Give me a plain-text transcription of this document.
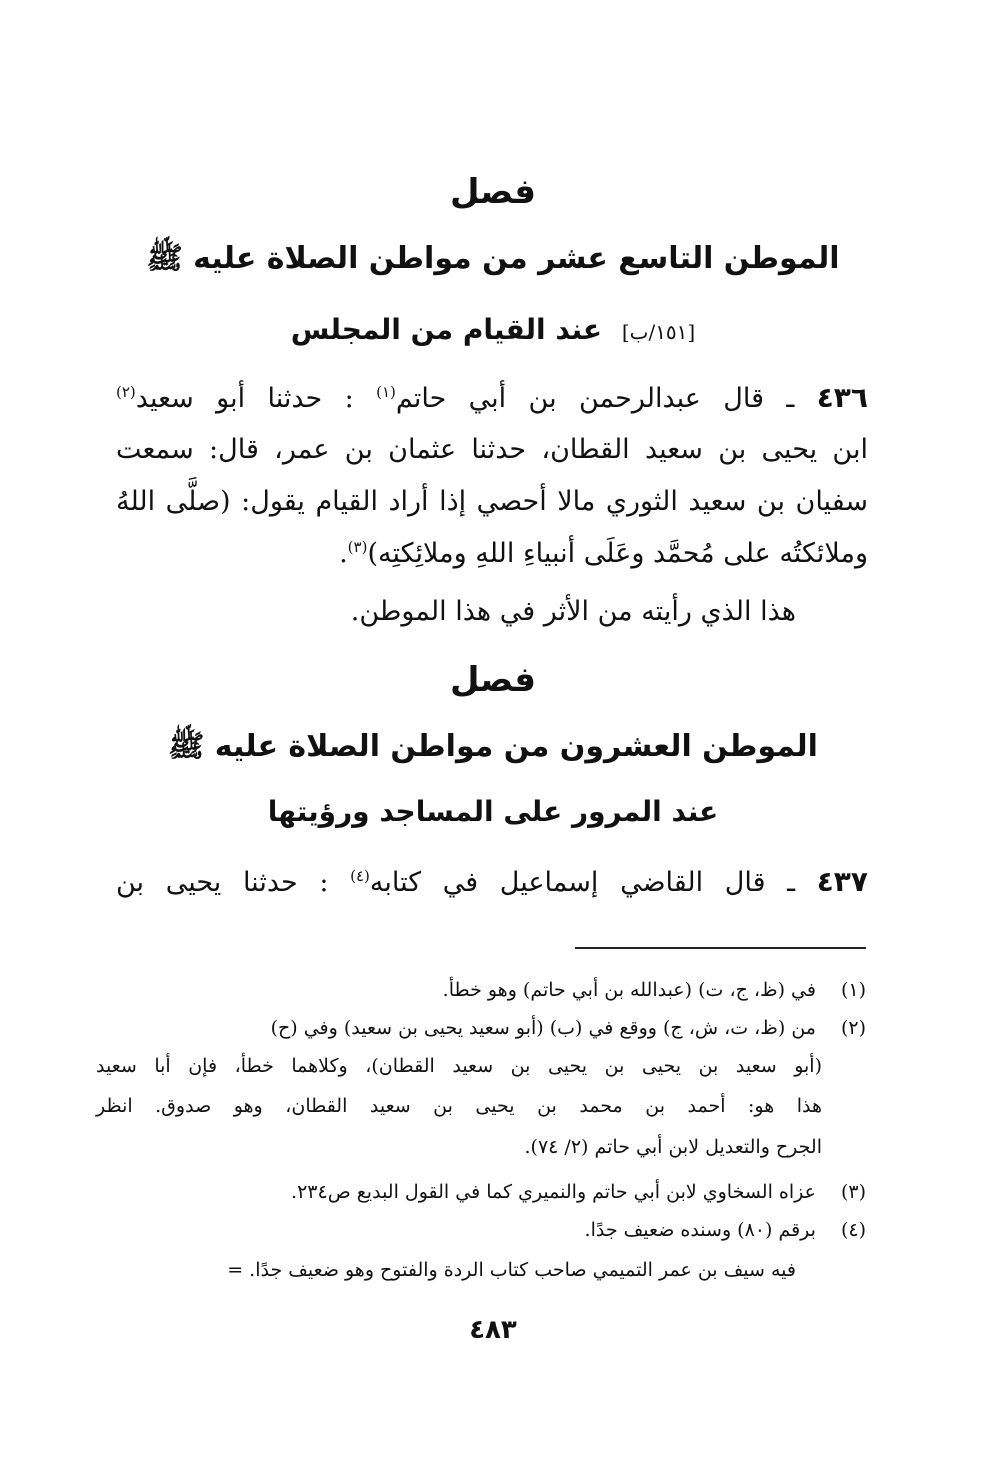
فصل
الموطن التاسع عشر من مواطن الصلاة عليه ﷺ
[١٥١/ب] عند القيام من المجلس
٤٣٦ ـ قال عبدالرحمن بن أبي حاتم$^{(١)}$ : حدثنا أبو سعيد$^{(٢)}$
ابن يحيى بن سعيد القطان، حدثنا عثمان بن عمر، قال: سمعت
سفيان بن سعيد الثوري مالا أحصي إذا أراد القيام يقول: (صلَّى اللهُ
وملائكتُه على مُحمَّد وعَلَى أنبياءِ اللهِ وملائِكتِه)$^{(٣)}$.
هذا الذي رأيته من الأثر في هذا الموطن.
فصل
الموطن العشرون من مواطن الصلاة عليه ﷺ
عند المرور على المساجد ورؤيتها
٤٣٧ ـ قال القاضي إسماعيل في كتابه$^{(٤)}$ : حدثنا يحيى بن
(١) في (ظ، ج، ت) (عبدالله بن أبي حاتم) وهو خطأ.
(٢) من (ظ، ت، ش، ج) ووقع في (ب) (أبو سعيد يحيى بن سعيد) وفي (ح)
(أبو سعيد بن يحيى بن يحيى بن سعيد القطان)، وكلاهما خطأ، فإن أبا سعيد
هذا هو: أحمد بن محمد بن يحيى بن سعيد القطان، وهو صدوق. انظر
الجرح والتعديل لابن أبي حاتم (٢/ ٧٤).
(٣) عزاه السخاوي لابن أبي حاتم والنميري كما في القول البديع ص٢٣٤.
(٤) برقم (٨٠) وسنده ضعيف جدًا.
فيه سيف بن عمر التميمي صاحب كتاب الردة والفتوح وهو ضعيف جدًا. =
٤٨٣
